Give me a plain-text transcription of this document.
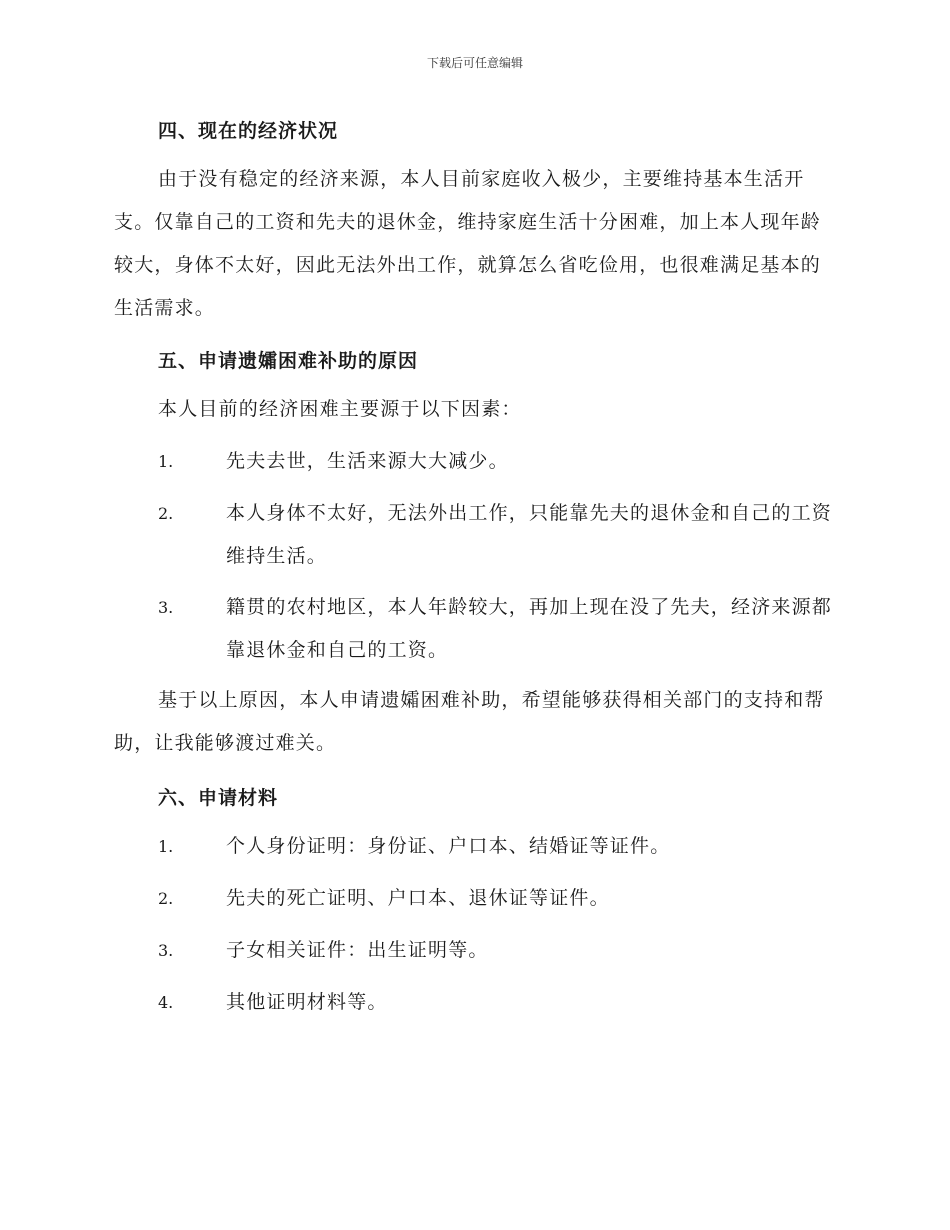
下载后可任意编辑
四、现在的经济状况

由于没有稳定的经济来源，本人目前家庭收入极少，主要维持基本生活开支。仅靠自己的工资和先夫的退休金，维持家庭生活十分困难，加上本人现年龄较大，身体不太好，因此无法外出工作，就算怎么省吃俭用，也很难满足基本的生活需求。

五、申请遗孀困难补助的原因

本人目前的经济困难主要源于以下因素：

1.	先夫去世，生活来源大大减少。
2.	本人身体不太好，无法外出工作，只能靠先夫的退休金和自己的工资维持生活。
3.	籍贯的农村地区，本人年龄较大，再加上现在没了先夫，经济来源都靠退休金和自己的工资。

基于以上原因，本人申请遗孀困难补助，希望能够获得相关部门的支持和帮助，让我能够渡过难关。

六、申请材料
1.	个人身份证明：身份证、户口本、结婚证等证件。
2.	先夫的死亡证明、户口本、退休证等证件。
3.	子女相关证件：出生证明等。
4.	其他证明材料等。
